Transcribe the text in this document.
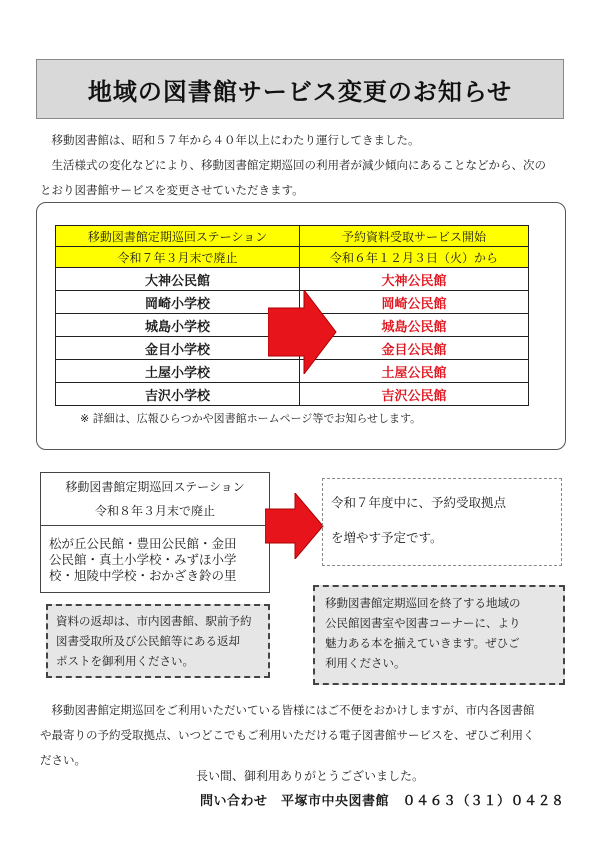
地域の図書館サービス変更のお知らせ
　移動図書館は、昭和５７年から４０年以上にわたり運行してきました。
　生活様式の変化などにより、移動図書館定期巡回の利用者が減少傾向にあることなどから、次の
とおり図書館サービスを変更させていただきます。
移動図書館定期巡回ステーション	予約資料受取サービス開始
令和７年３月末で廃止	令和６年１２月３日（火）から
大神公民館	大神公民館
岡崎小学校	岡崎公民館
城島小学校	城島公民館
金目小学校	金目公民館
土屋小学校	土屋公民館
吉沢小学校	吉沢公民館
※ 詳細は、広報ひらつかや図書館ホームページ等でお知らせします。
移動図書館定期巡回ステーション
令和８年３月末で廃止
松が丘公民館・豊田公民館・金田
公民館・真土小学校・みずほ小学
校・旭陵中学校・おかざき鈴の里
令和７年度中に、予約受取拠点
を増やす予定です。
資料の返却は、市内図書館、駅前予約
図書受取所及び公民館等にある返却
ポストを御利用ください。
移動図書館定期巡回を終了する地域の
公民館図書室や図書コーナーに、より
魅力ある本を揃えていきます。ぜひご
利用ください。
　移動図書館定期巡回をご利用いただいている皆様にはご不便をおかけしますが、市内各図書館
や最寄りの予約受取拠点、いつどこでもご利用いただける電子図書館サービスを、ぜひご利用く
ださい。
長い間、御利用ありがとうございました。
問い合わせ　平塚市中央図書館　０４６３（３１）０４２８
